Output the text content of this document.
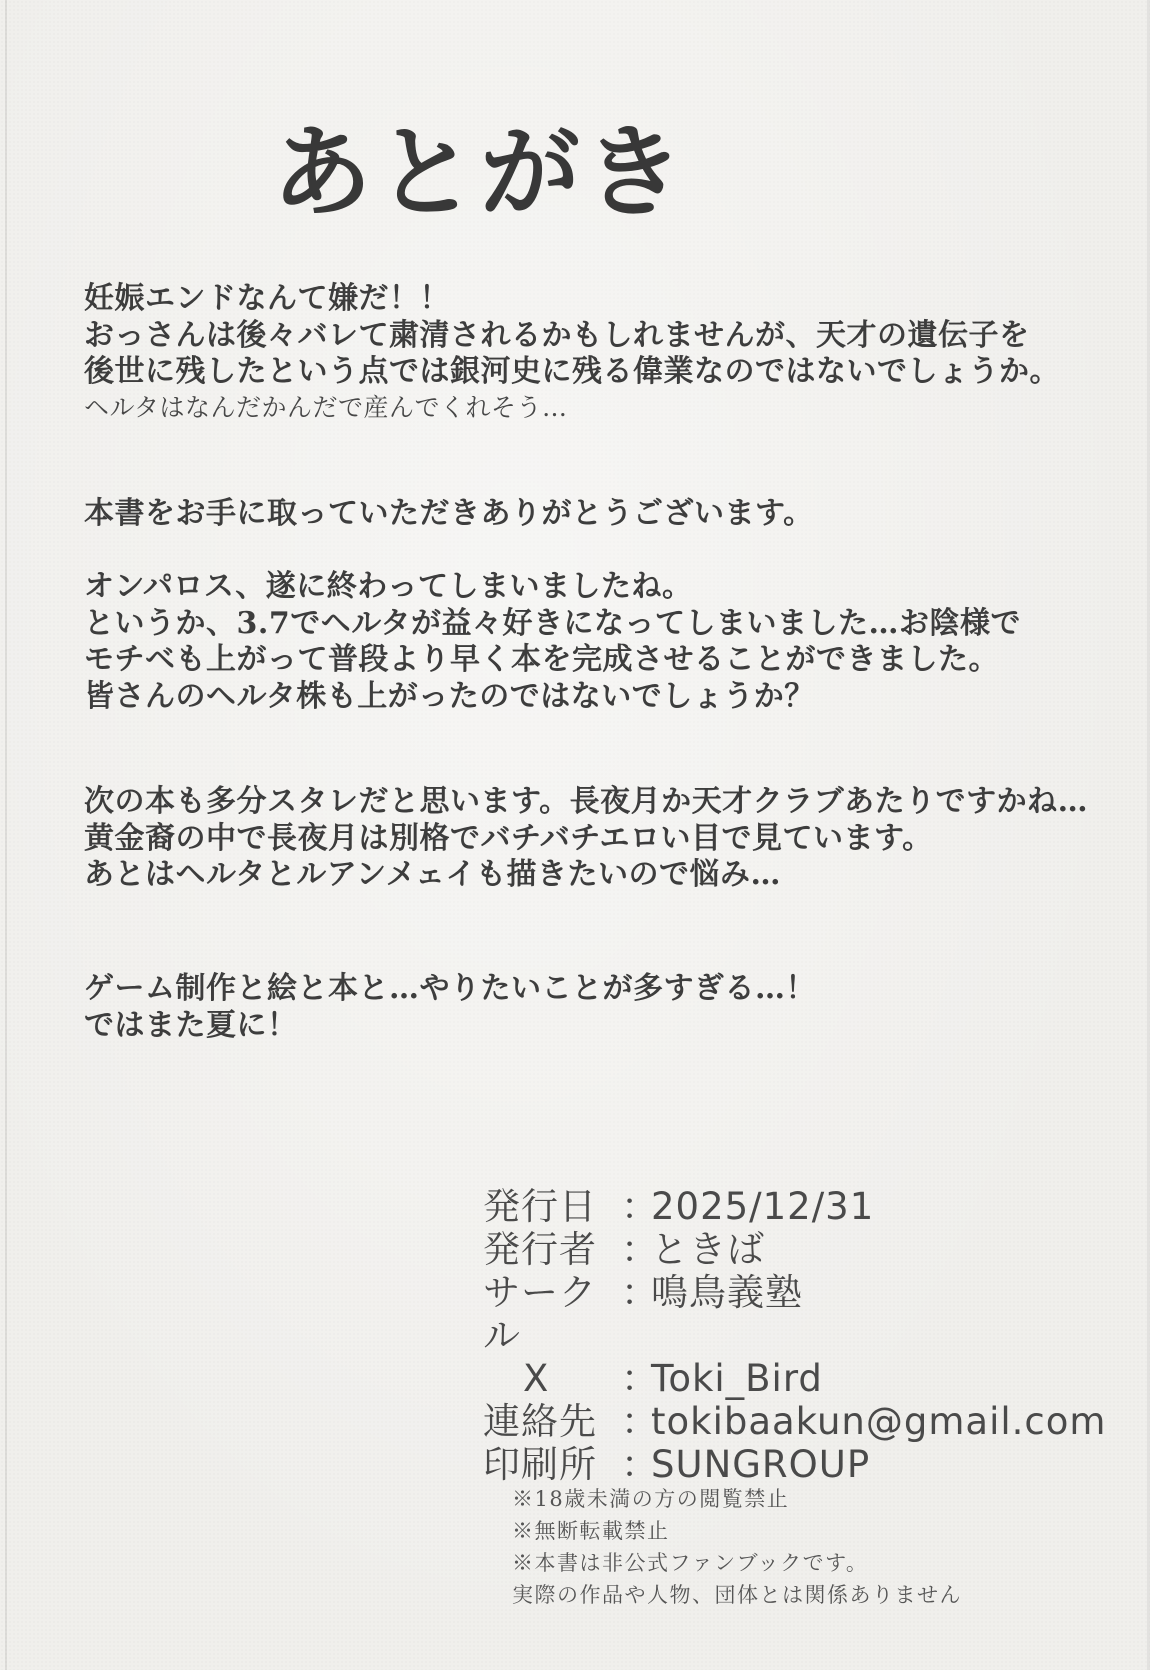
あとがき
妊娠エンドなんて嫌だ！！
おっさんは後々バレて粛清されるかもしれませんが、天才の遺伝子を
後世に残したという点では銀河史に残る偉業なのではないでしょうか。
ヘルタはなんだかんだで産んでくれそう…
本書をお手に取っていただきありがとうございます。
オンパロス、遂に終わってしまいましたね。
というか、3.7でヘルタが益々好きになってしまいました…お陰様で
モチベも上がって普段より早く本を完成させることができました。
皆さんのヘルタ株も上がったのではないでしょうか？
次の本も多分スタレだと思います。長夜月か天才クラブあたりですかね…
黄金裔の中で長夜月は別格でバチバチエロい目で見ています。
あとはヘルタとルアンメェイも描きたいので悩み…
ゲーム制作と絵と本と…やりたいことが多すぎる…！
ではまた夏に！
発行日 ：
2025/12/31
発行者 ：
ときば
サークル
：
鳴鳥義塾
X	：
Toki_Bird
連絡先 ：
tokibaakun@gmail.com
印刷所 ：
SUNGROUP
※18歳未満の方の閲覧禁止
※無断転載禁止
※本書は非公式ファンブックです。
実際の作品や人物、団体とは関係ありません
